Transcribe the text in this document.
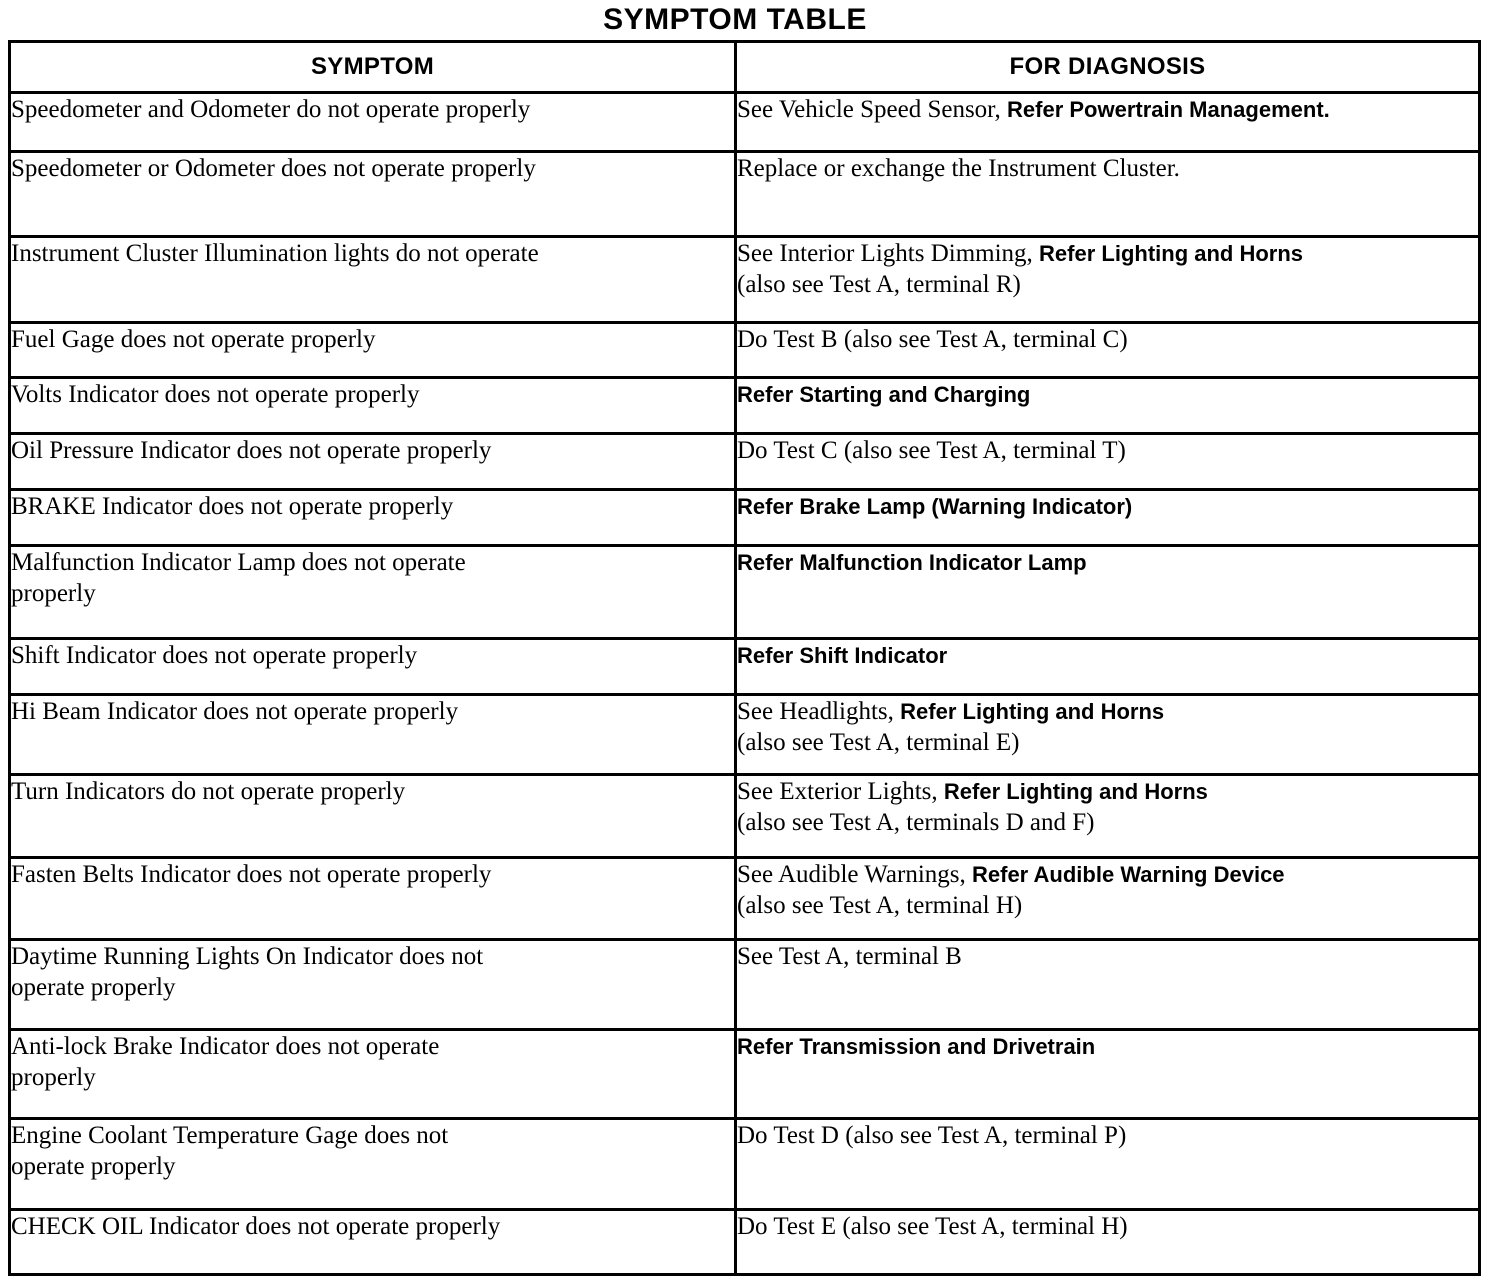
SYMPTOM TABLE
SYMPTOM	FOR DIAGNOSIS

Speedometer and Odometer do not operate properly	See Vehicle Speed Sensor, Refer Powertrain Management.

Speedometer or Odometer does not operate properly	Replace or exchange the Instrument Cluster.

Instrument Cluster Illumination lights do not operate	See Interior Lights Dimming, Refer Lighting and Horns
(also see Test A, terminal R)

Fuel Gage does not operate properly	Do Test B (also see Test A, terminal C)

Volts Indicator does not operate properly	Refer Starting and Charging

Oil Pressure Indicator does not operate properly	Do Test C (also see Test A, terminal T)

BRAKE Indicator does not operate properly	Refer Brake Lamp (Warning Indicator)

Malfunction Indicator Lamp does not operate
properly	Refer Malfunction Indicator Lamp

Shift Indicator does not operate properly	Refer Shift Indicator

Hi Beam Indicator does not operate properly	See Headlights, Refer Lighting and Horns
(also see Test A, terminal E)

Turn Indicators do not operate properly	See Exterior Lights, Refer Lighting and Horns
(also see Test A, terminals D and F)

Fasten Belts Indicator does not operate properly	See Audible Warnings, Refer Audible Warning Device
(also see Test A, terminal H)

Daytime Running Lights On Indicator does not
operate properly	See Test A, terminal B

Anti-lock Brake Indicator does not operate
properly	Refer Transmission and Drivetrain

Engine Coolant Temperature Gage does not
operate properly	Do Test D (also see Test A, terminal P)

CHECK OIL Indicator does not operate properly	Do Test E (also see Test A, terminal H)
